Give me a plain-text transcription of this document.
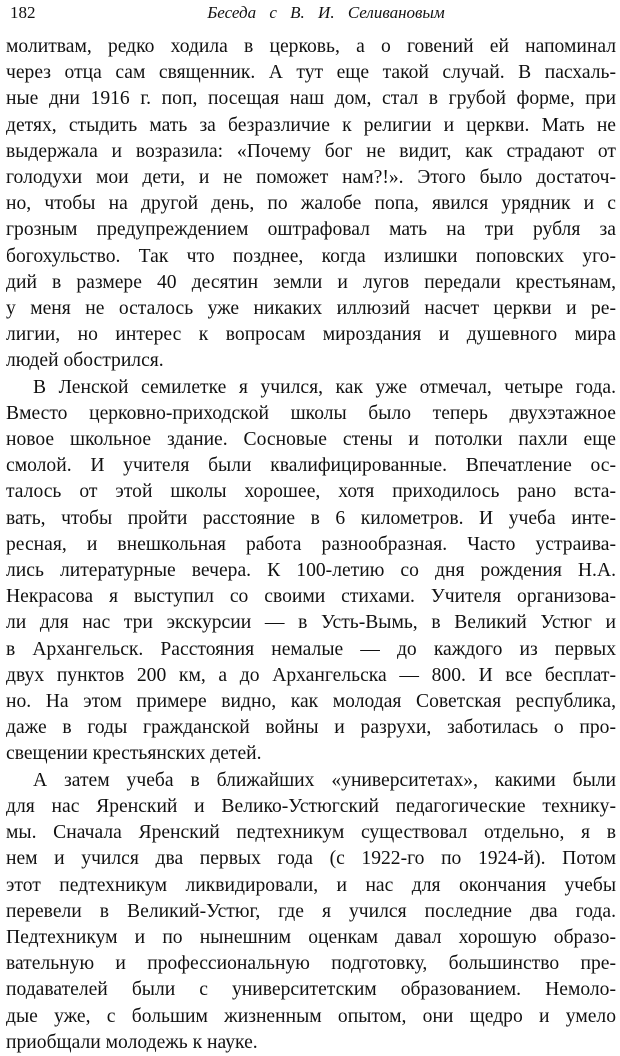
182	Беседа с В. И. Селивановым
молитвам, редко ходила в церковь, а о говений ей напоминал
через отца сам священник. А тут еще такой случай. В пасхаль-
ные дни 1916 г. поп, посещая наш дом, стал в грубой форме, при
детях, стыдить мать за безразличие к религии и церкви. Мать не
выдержала и возразила: «Почему бог не видит, как страдают от
голодухи мои дети, и не поможет нам?!». Этого было достаточ-
но, чтобы на другой день, по жалобе попа, явился урядник и с
грозным предупреждением оштрафовал мать на три рубля за
богохульство. Так что позднее, когда излишки поповских уго-
дий в размере 40 десятин земли и лугов передали крестьянам,
у меня не осталось уже никаких иллюзий насчет церкви и ре-
лигии, но интерес к вопросам мироздания и душевного мира
людей обострился.
В Ленской семилетке я учился, как уже отмечал, четыре года.
Вместо церковно-приходской школы было теперь двухэтажное
новое школьное здание. Сосновые стены и потолки пахли еще
смолой. И учителя были квалифицированные. Впечатление ос-
талось от этой школы хорошее, хотя приходилось рано вста-
вать, чтобы пройти расстояние в 6 километров. И учеба инте-
ресная, и внешкольная работа разнообразная. Часто устраива-
лись литературные вечера. К 100-летию со дня рождения Н.А.
Некрасова я выступил со своими стихами. Учителя организова-
ли для нас три экскурсии — в Усть-Вымь, в Великий Устюг и
в Архангельск. Расстояния немалые — до каждого из первых
двух пунктов 200 км, а до Архангельска — 800. И все бесплат-
но. На этом примере видно, как молодая Советская республика,
даже в годы гражданской войны и разрухи, заботилась о про-
свещении крестьянских детей.
А затем учеба в ближайших «университетах», какими были
для нас Яренский и Велико-Устюгский педагогические техникy-
мы. Сначала Яренский педтехникум существовал отдельно, я в
нем и учился два первых года (с 1922-го по 1924-й). Потом
этот педтехникум ликвидировали, и нас для окончания учебы
перевели в Великий-Устюг, где я учился последние два года.
Педтехникум и по нынешним оценкам давал хорошую образо-
вательную и профессиональную подготовку, большинство пре-
подавателей были с университетским образованием. Немоло-
дые уже, с большим жизненным опытом, они щедро и умело
приобщали молодежь к науке.
